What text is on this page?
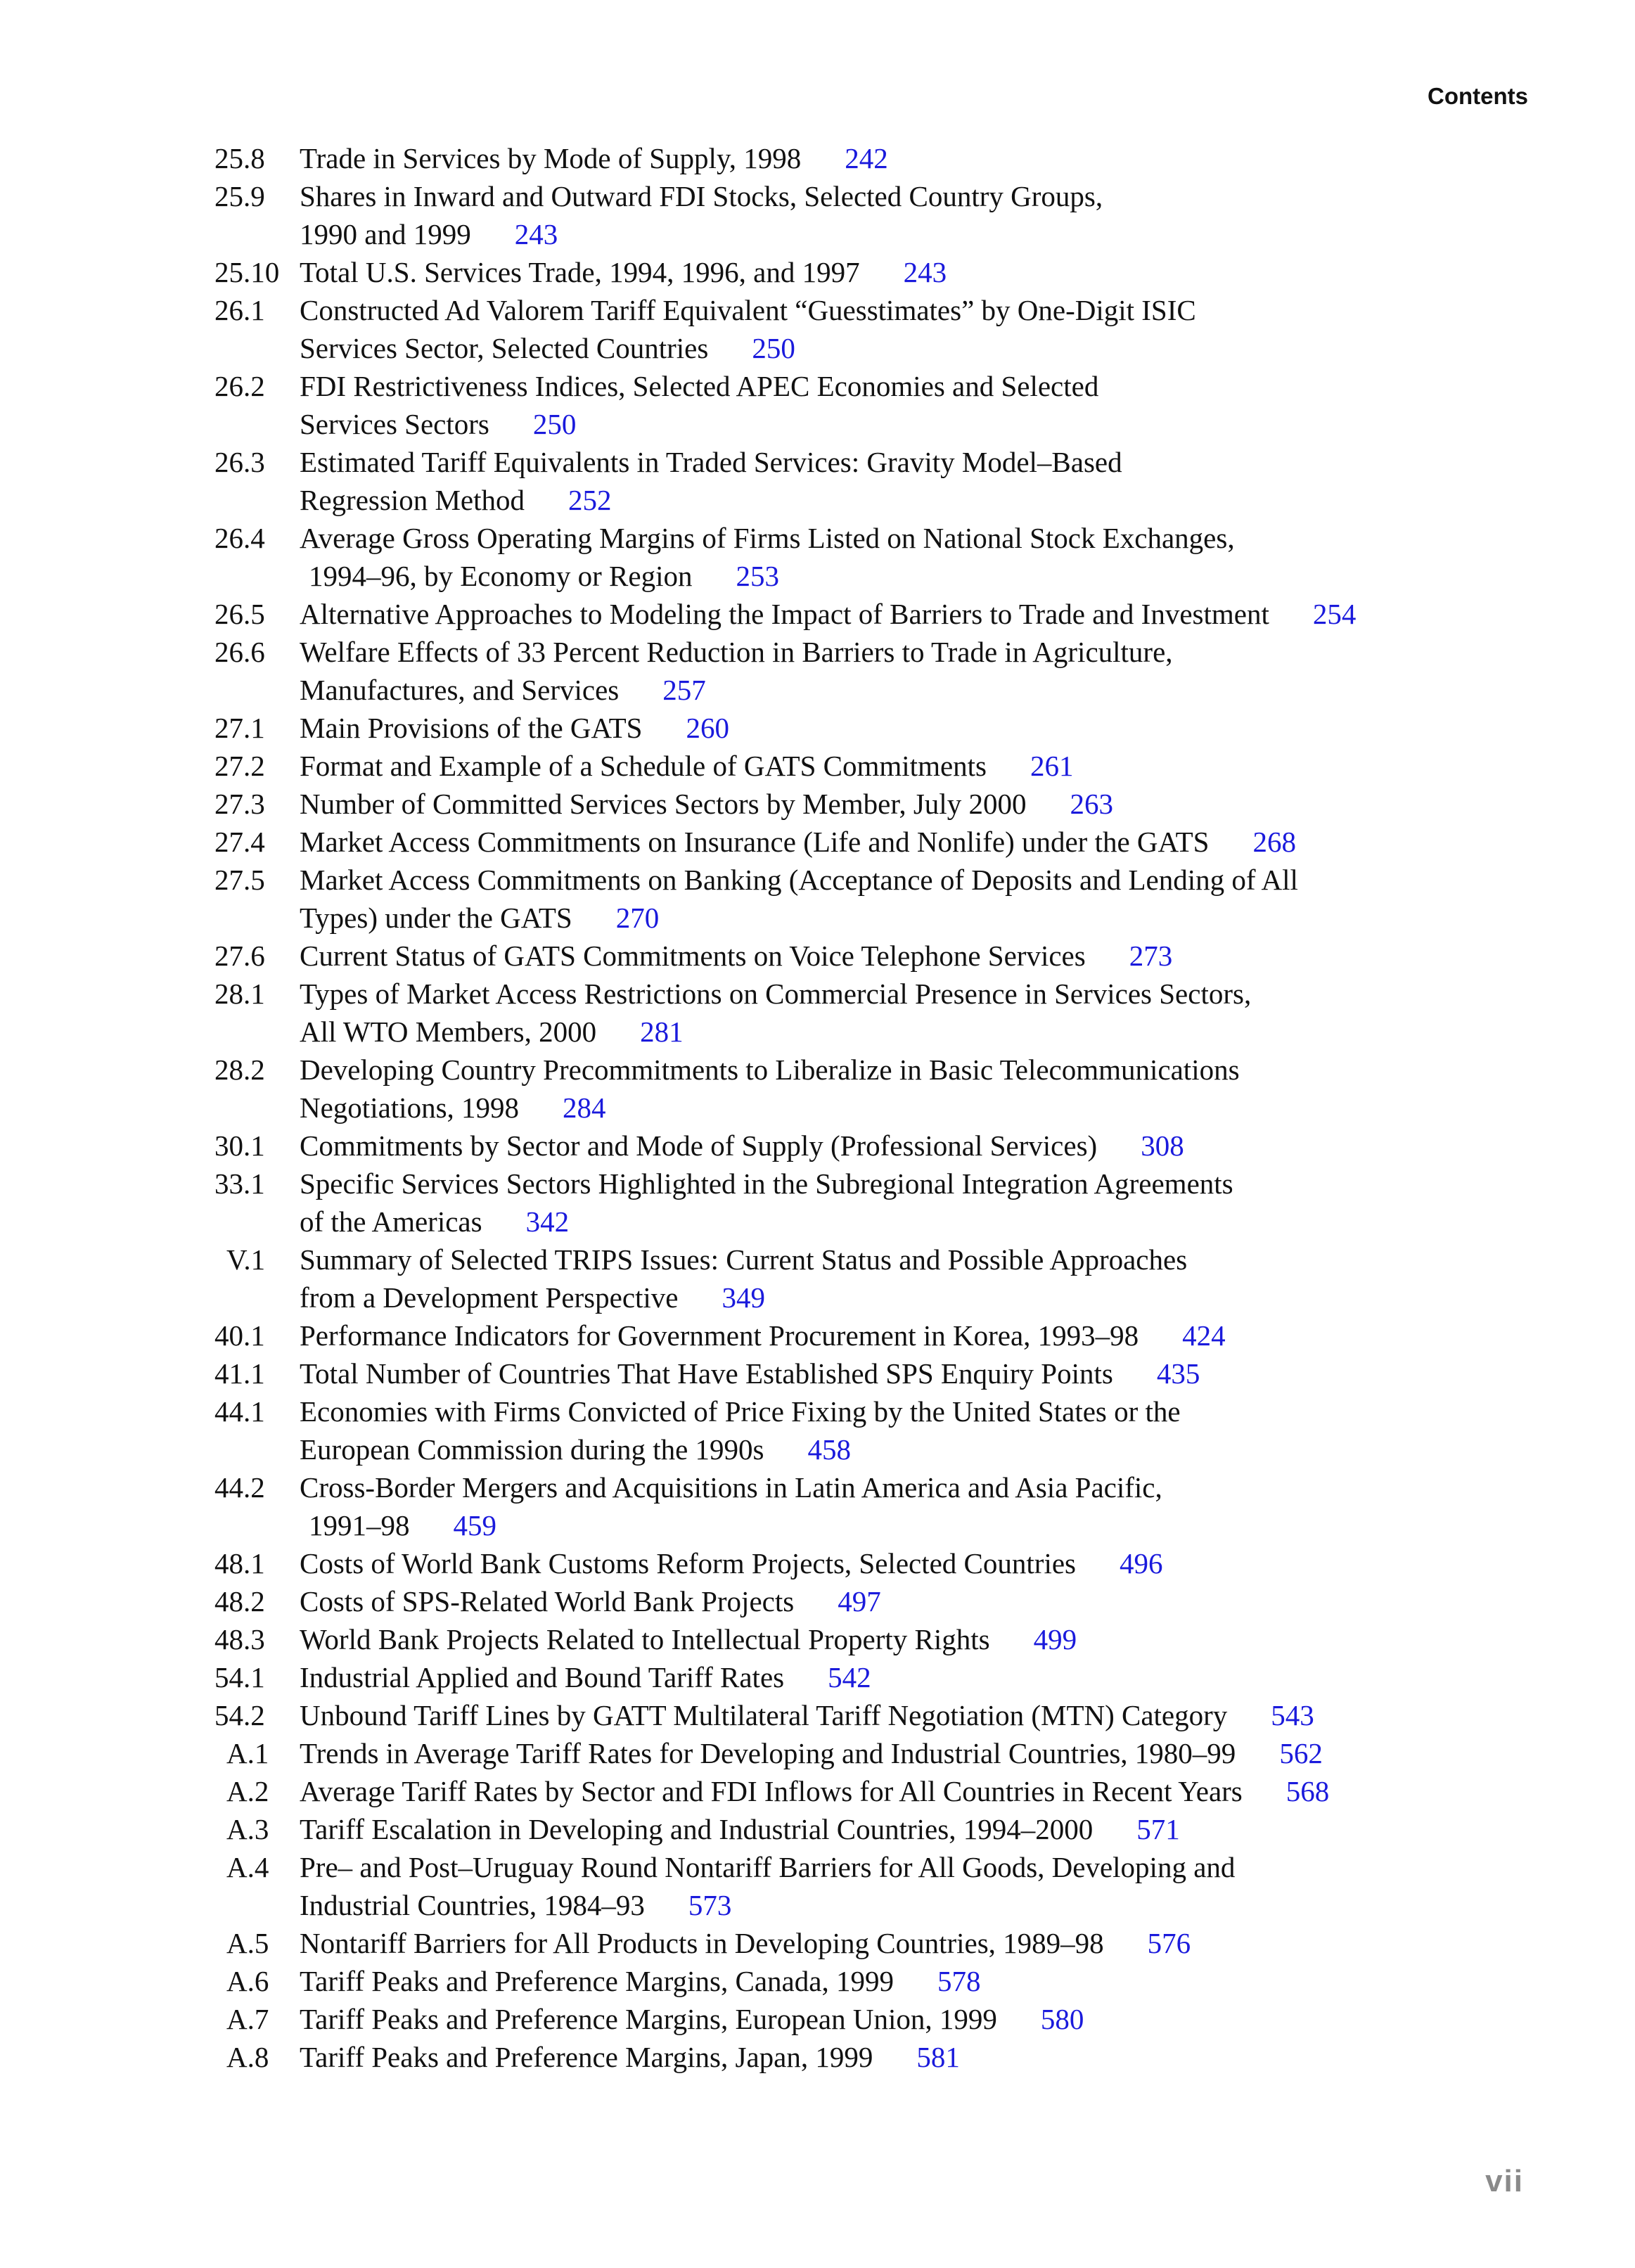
Contents
25.8 Trade in Services by Mode of Supply, 1998 242
25.9 Shares in Inward and Outward FDI Stocks, Selected Country Groups,
1990 and 1999 243
25.10 Total U.S. Services Trade, 1994, 1996, and 1997 243
26.1 Constructed Ad Valorem Tariff Equivalent “Guesstimates” by One-Digit ISIC
Services Sector, Selected Countries 250
26.2 FDI Restrictiveness Indices, Selected APEC Economies and Selected
Services Sectors 250
26.3 Estimated Tariff Equivalents in Traded Services: Gravity Model–Based
Regression Method 252
26.4 Average Gross Operating Margins of Firms Listed on National Stock Exchanges,
1994–96, by Economy or Region 253
26.5 Alternative Approaches to Modeling the Impact of Barriers to Trade and Investment 254
26.6 Welfare Effects of 33 Percent Reduction in Barriers to Trade in Agriculture,
Manufactures, and Services 257
27.1 Main Provisions of the GATS 260
27.2 Format and Example of a Schedule of GATS Commitments 261
27.3 Number of Committed Services Sectors by Member, July 2000 263
27.4 Market Access Commitments on Insurance (Life and Nonlife) under the GATS 268
27.5 Market Access Commitments on Banking (Acceptance of Deposits and Lending of All
Types) under the GATS 270
27.6 Current Status of GATS Commitments on Voice Telephone Services 273
28.1 Types of Market Access Restrictions on Commercial Presence in Services Sectors,
All WTO Members, 2000 281
28.2 Developing Country Precommitments to Liberalize in Basic Telecommunications
Negotiations, 1998 284
30.1 Commitments by Sector and Mode of Supply (Professional Services) 308
33.1 Specific Services Sectors Highlighted in the Subregional Integration Agreements
of the Americas 342
V.1 Summary of Selected TRIPS Issues: Current Status and Possible Approaches
from a Development Perspective 349
40.1 Performance Indicators for Government Procurement in Korea, 1993–98 424
41.1 Total Number of Countries That Have Established SPS Enquiry Points 435
44.1 Economies with Firms Convicted of Price Fixing by the United States or the
European Commission during the 1990s 458
44.2 Cross-Border Mergers and Acquisitions in Latin America and Asia Pacific,
1991–98 459
48.1 Costs of World Bank Customs Reform Projects, Selected Countries 496
48.2 Costs of SPS-Related World Bank Projects 497
48.3 World Bank Projects Related to Intellectual Property Rights 499
54.1 Industrial Applied and Bound Tariff Rates 542
54.2 Unbound Tariff Lines by GATT Multilateral Tariff Negotiation (MTN) Category 543
A.1 Trends in Average Tariff Rates for Developing and Industrial Countries, 1980–99 562
A.2 Average Tariff Rates by Sector and FDI Inflows for All Countries in Recent Years 568
A.3 Tariff Escalation in Developing and Industrial Countries, 1994–2000 571
A.4 Pre– and Post–Uruguay Round Nontariff Barriers for All Goods, Developing and
Industrial Countries, 1984–93 573
A.5 Nontariff Barriers for All Products in Developing Countries, 1989–98 576
A.6 Tariff Peaks and Preference Margins, Canada, 1999 578
A.7 Tariff Peaks and Preference Margins, European Union, 1999 580
A.8 Tariff Peaks and Preference Margins, Japan, 1999 581
vii
